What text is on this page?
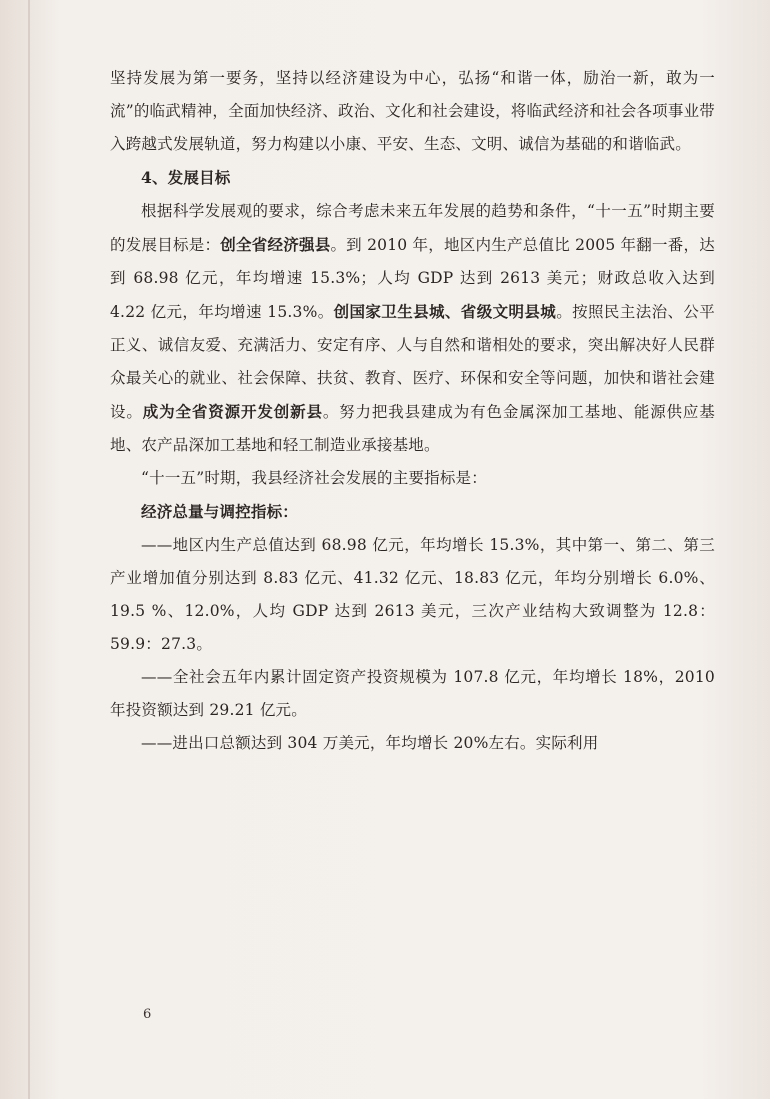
坚持发展为第一要务，坚持以经济建设为中心，弘扬“和谐一体，励治一新，敢为一流”的临武精神，全面加快经济、政治、文化和社会建设，将临武经济和社会各项事业带入跨越式发展轨道，努力构建以小康、平安、生态、文明、诚信为基础的和谐临武。

4、发展目标

根据科学发展观的要求，综合考虑未来五年发展的趋势和条件，“十一五”时期主要的发展目标是：创全省经济强县。到 2010 年，地区内生产总值比 2005 年翻一番，达到 68.98 亿元，年均增速 15.3%；人均 GDP 达到 2613 美元；财政总收入达到 4.22 亿元，年均增速 15.3%。创国家卫生县城、省级文明县城。按照民主法治、公平正义、诚信友爱、充满活力、安定有序、人与自然和谐相处的要求，突出解决好人民群众最关心的就业、社会保障、扶贫、教育、医疗、环保和安全等问题，加快和谐社会建设。成为全省资源开发创新县。努力把我县建成为有色金属深加工基地、能源供应基地、农产品深加工基地和轻工制造业承接基地。

“十一五”时期，我县经济社会发展的主要指标是：

经济总量与调控指标：

——地区内生产总值达到 68.98 亿元，年均增长 15.3%，其中第一、第二、第三产业增加值分别达到 8.83 亿元、41.32 亿元、18.83 亿元，年均分别增长 6.0%、19.5 %、12.0%，人均 GDP 达到 2613 美元，三次产业结构大致调整为 12.8：59.9：27.3。

——全社会五年内累计固定资产投资规模为 107.8 亿元，年均增长 18%，2010 年投资额达到 29.21 亿元。

——进出口总额达到 304 万美元，年均增长 20%左右。实际利用

6
